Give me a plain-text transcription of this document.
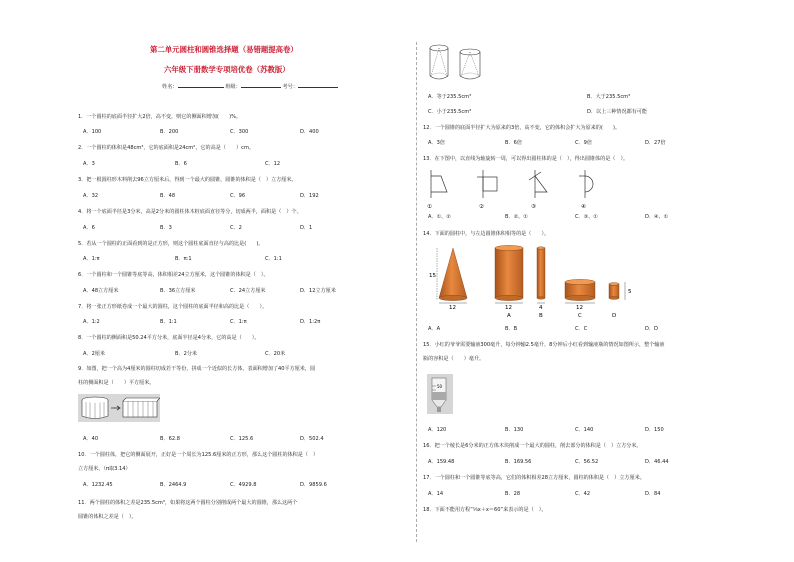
第二单元圆柱和圆锥选择题（易错题提高卷）
六年级下册数学专项培优卷（苏教版）
姓名：	班级：	考号：
1．一个圆柱的底面半径扩大2倍，高不变，则它的侧面积增加(　　)%。
A．100	B．200	C．300	D．400
2．一个圆柱的体积是48cm³，它的底面积是24cm²，它的高是（　　）cm。
A．3	B．6	C．12
3．把一根圆柱形木料削去96立方厘米后，得到一个最大的圆锥，圆锥的体积是（　）立方厘米。
A．32	B．48	C．96	D．192
4．将一个底面半径是3分米，高是2分米的圆柱体木桩底面直径等分，切成两半，面积是（　）个。
A．6	B．3	C．2	D．1
5．若从一个圆柱的正面看到的是正方形，则这个圆柱底面直径与高的比是(　　)。
A．1:π	B．π:1	C．1:1
6．一个圆柱和一个圆锥等底等高，体积相差24立方厘米，这个圆锥的体积是（　）。
A．48立方厘米	B．36立方厘米	C．24立方厘米	D．12立方厘米
7．将一张正方形纸卷成一个最大的圆柱，这个圆柱的底面半径和高的比是（　　）。
A．1:2	B．1:1	C．1:π	D．1:2π
8．一个圆柱的侧面积是50.24平方分米，底面半径是4分米，它的高是（　　）。
A．2厘米	B．2分米	C．20米
9．如图，把一个高为4厘米的圆柱切成若干等份，拼成一个近似的长方体，表面积增加了40平方厘米，圆
柱的侧面积是（　　）平方厘米。
A．40	B．62.8	C．125.6	D．502.4
10．一个圆柱体，把它的侧面展开，正好是一个周长为125.6厘米的正方形，那么这个圆柱的体积是（　）
立方厘米。（π取3.14）
A．1232.45	B．2464.9	C．4929.8	D．9859.6
11．两个圆柱的体积之差是235.5cm³，如果将这两个圆柱分别削成两个最大的圆锥，那么这两个
圆锥的体积之差是（　）。
A．等于235.5cm³	B．大于235.5cm³
C．小于235.5cm³	D．以上三种情况都有可能
12．一个圆锥的底面半径扩大为原来的3倍，高不变，它的体积会扩大为原来的(　　)。
A．3倍	B．6倍	C．9倍	D．27倍
13．在下图中，以直线为轴旋转一周，可以得出圆柱体的是（　），得出圆锥体的是（　）。
①	②	③	④
A．①、②	B．②、①	C．③、①	D．④、①
14．下面的圆柱中，与左边圆锥体积相等的是（　　）。
15
12	12
A
4
B
12
C
5
D
A．A	B．B	C．C	D．D
15．小红的爷爷需要输液300毫升，每分钟输2.5毫升，8分钟后小红看到输液瓶的情况如图所示，整个输液
瓶的容积是（　　）毫升。
50
A．120	B．130	C．140	D．150
16．把一个棱长是6分米的正方体木块削成一个最大的圆柱，削去部分的体积是（　）立方分米。
A．159.48	B．169.56	C．56.52	D．46.44
17．一个圆柱和一个圆锥等底等高，它们的体积相差28立方厘米，圆柱的体积是（　）立方厘米。
A．14	B．28	C．42	D．84
18．下面不能用方程“⅓x＋x＝60”来表示的是（　）。
